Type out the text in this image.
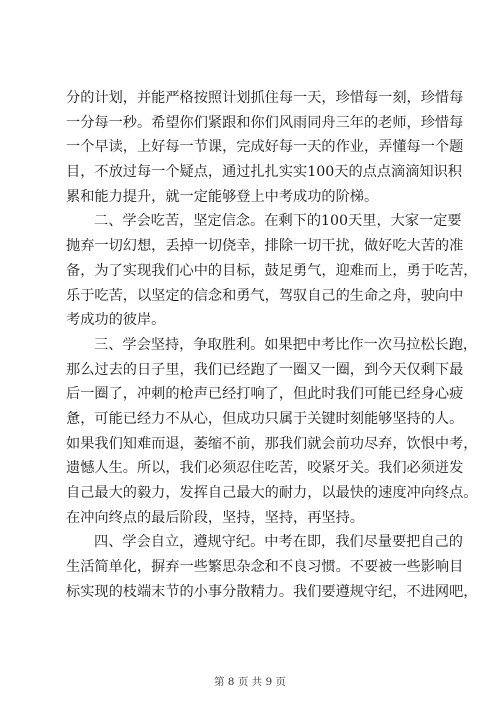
分的计划，并能严格按照计划抓住每一天，珍惜每一刻，珍惜每
一分每一秒。希望你们紧跟和你们风雨同舟三年的老师，珍惜每
一个早读，上好每一节课，完成好每一天的作业，弄懂每一个题
目，不放过每一个疑点，通过扎扎实实100天的点点滴滴知识积
累和能力提升，就一定能够登上中考成功的阶梯。
二、学会吃苦，坚定信念。在剩下的100天里，大家一定要
抛弃一切幻想，丢掉一切侥幸，排除一切干扰，做好吃大苦的准
备，为了实现我们心中的目标，鼓足勇气，迎难而上，勇于吃苦，
乐于吃苦，以坚定的信念和勇气，驾驭自己的生命之舟，驶向中
考成功的彼岸。
三、学会坚持，争取胜利。如果把中考比作一次马拉松长跑，
那么过去的日子里，我们已经跑了一圈又一圈，到今天仅剩下最
后一圈了，冲刺的枪声已经打响了，但此时我们可能已经身心疲
惫，可能已经力不从心，但成功只属于关键时刻能够坚持的人。
如果我们知难而退，萎缩不前，那我们就会前功尽弃，饮恨中考，
遗憾人生。所以，我们必须忍住吃苦，咬紧牙关。我们必须迸发
自己最大的毅力，发挥自己最大的耐力，以最快的速度冲向终点。
在冲向终点的最后阶段，坚持，坚持，再坚持。
四、学会自立，遵规守纪。中考在即，我们尽量要把自己的
生活简单化，摒弃一些繁思杂念和不良习惯。不要被一些影响目
标实现的枝端末节的小事分散精力。我们要遵规守纪，不进网吧，
第 8 页 共 9 页
